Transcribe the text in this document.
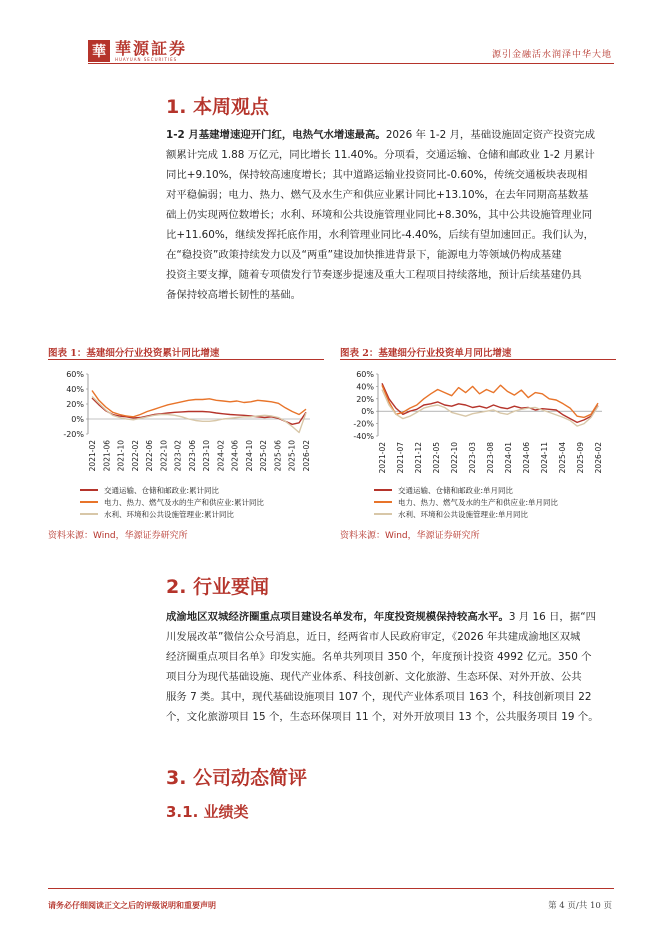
華 華源証券
HUAYUAN SECURITIES	源引金融活水润泽中华大地
1. 本周观点
1-2 月基建增速迎开门红，电热气水增速最高。2026 年 1-2 月，基础设施固定资产投资完成
额累计完成 1.88 万亿元，同比增长 11.40%。分项看，交通运输、仓储和邮政业 1-2 月累计
同比+9.10%，保持较高速度增长；其中道路运输业投资同比-0.60%，传统交通板块表现相
对平稳偏弱；电力、热力、燃气及水生产和供应业累计同比+13.10%，在去年同期高基数基
础上仍实现两位数增长；水利、环境和公共设施管理业同比+8.30%，其中公共设施管理业同
比+11.60%，继续发挥托底作用，水利管理业同比-4.40%，后续有望加速回正。我们认为，
在“稳投资”政策持续发力以及“两重”建设加快推进背景下，能源电力等领域仍构成基建
投资主要支撑，随着专项债发行节奏逐步提速及重大工程项目持续落地，预计后续基建仍具
备保持较高增长韧性的基础。
图表 1：基建细分行业投资累计同比增速	图表 2：基建细分行业投资单月同比增速
60%
40%
20%
0%
-20%
2021-02 2021-06 2021-10 2022-02 2022-06 2022-10 2023-02 2023-06 2023-10 2024-02 2024-06 2024-10 2025-02 2025-06 2025-10 2026-02
60%
40%
20%
0%
-20%
-40%
2021-02 2021-07 2021-12 2022-05 2022-10 2023-03 2023-08 2024-01 2024-06 2024-11 2025-04 2025-09 2026-02
交通运输、仓储和邮政业:累计同比
电力、热力、燃气及水的生产和供应业:累计同比
水利、环境和公共设施管理业:累计同比
交通运输、仓储和邮政业:单月同比
电力、热力、燃气及水的生产和供应业:单月同比
水利、环境和公共设施管理业:单月同比
资料来源：Wind，华源证券研究所	资料来源：Wind，华源证券研究所
2. 行业要闻
成渝地区双城经济圈重点项目建设名单发布，年度投资规模保持较高水平。3 月 16 日，据“四
川发展改革”微信公众号消息，近日，经两省市人民政府审定，《2026 年共建成渝地区双城
经济圈重点项目名单》印发实施。名单共列项目 350 个，年度预计投资 4992 亿元。350 个
项目分为现代基础设施、现代产业体系、科技创新、文化旅游、生态环保、对外开放、公共
服务 7 类。其中，现代基础设施项目 107 个，现代产业体系项目 163 个，科技创新项目 22
个，文化旅游项目 15 个，生态环保项目 11 个，对外开放项目 13 个，公共服务项目 19 个。
3. 公司动态简评
3.1. 业绩类
请务必仔细阅读正文之后的评级说明和重要声明	第 4 页/共 10 页
